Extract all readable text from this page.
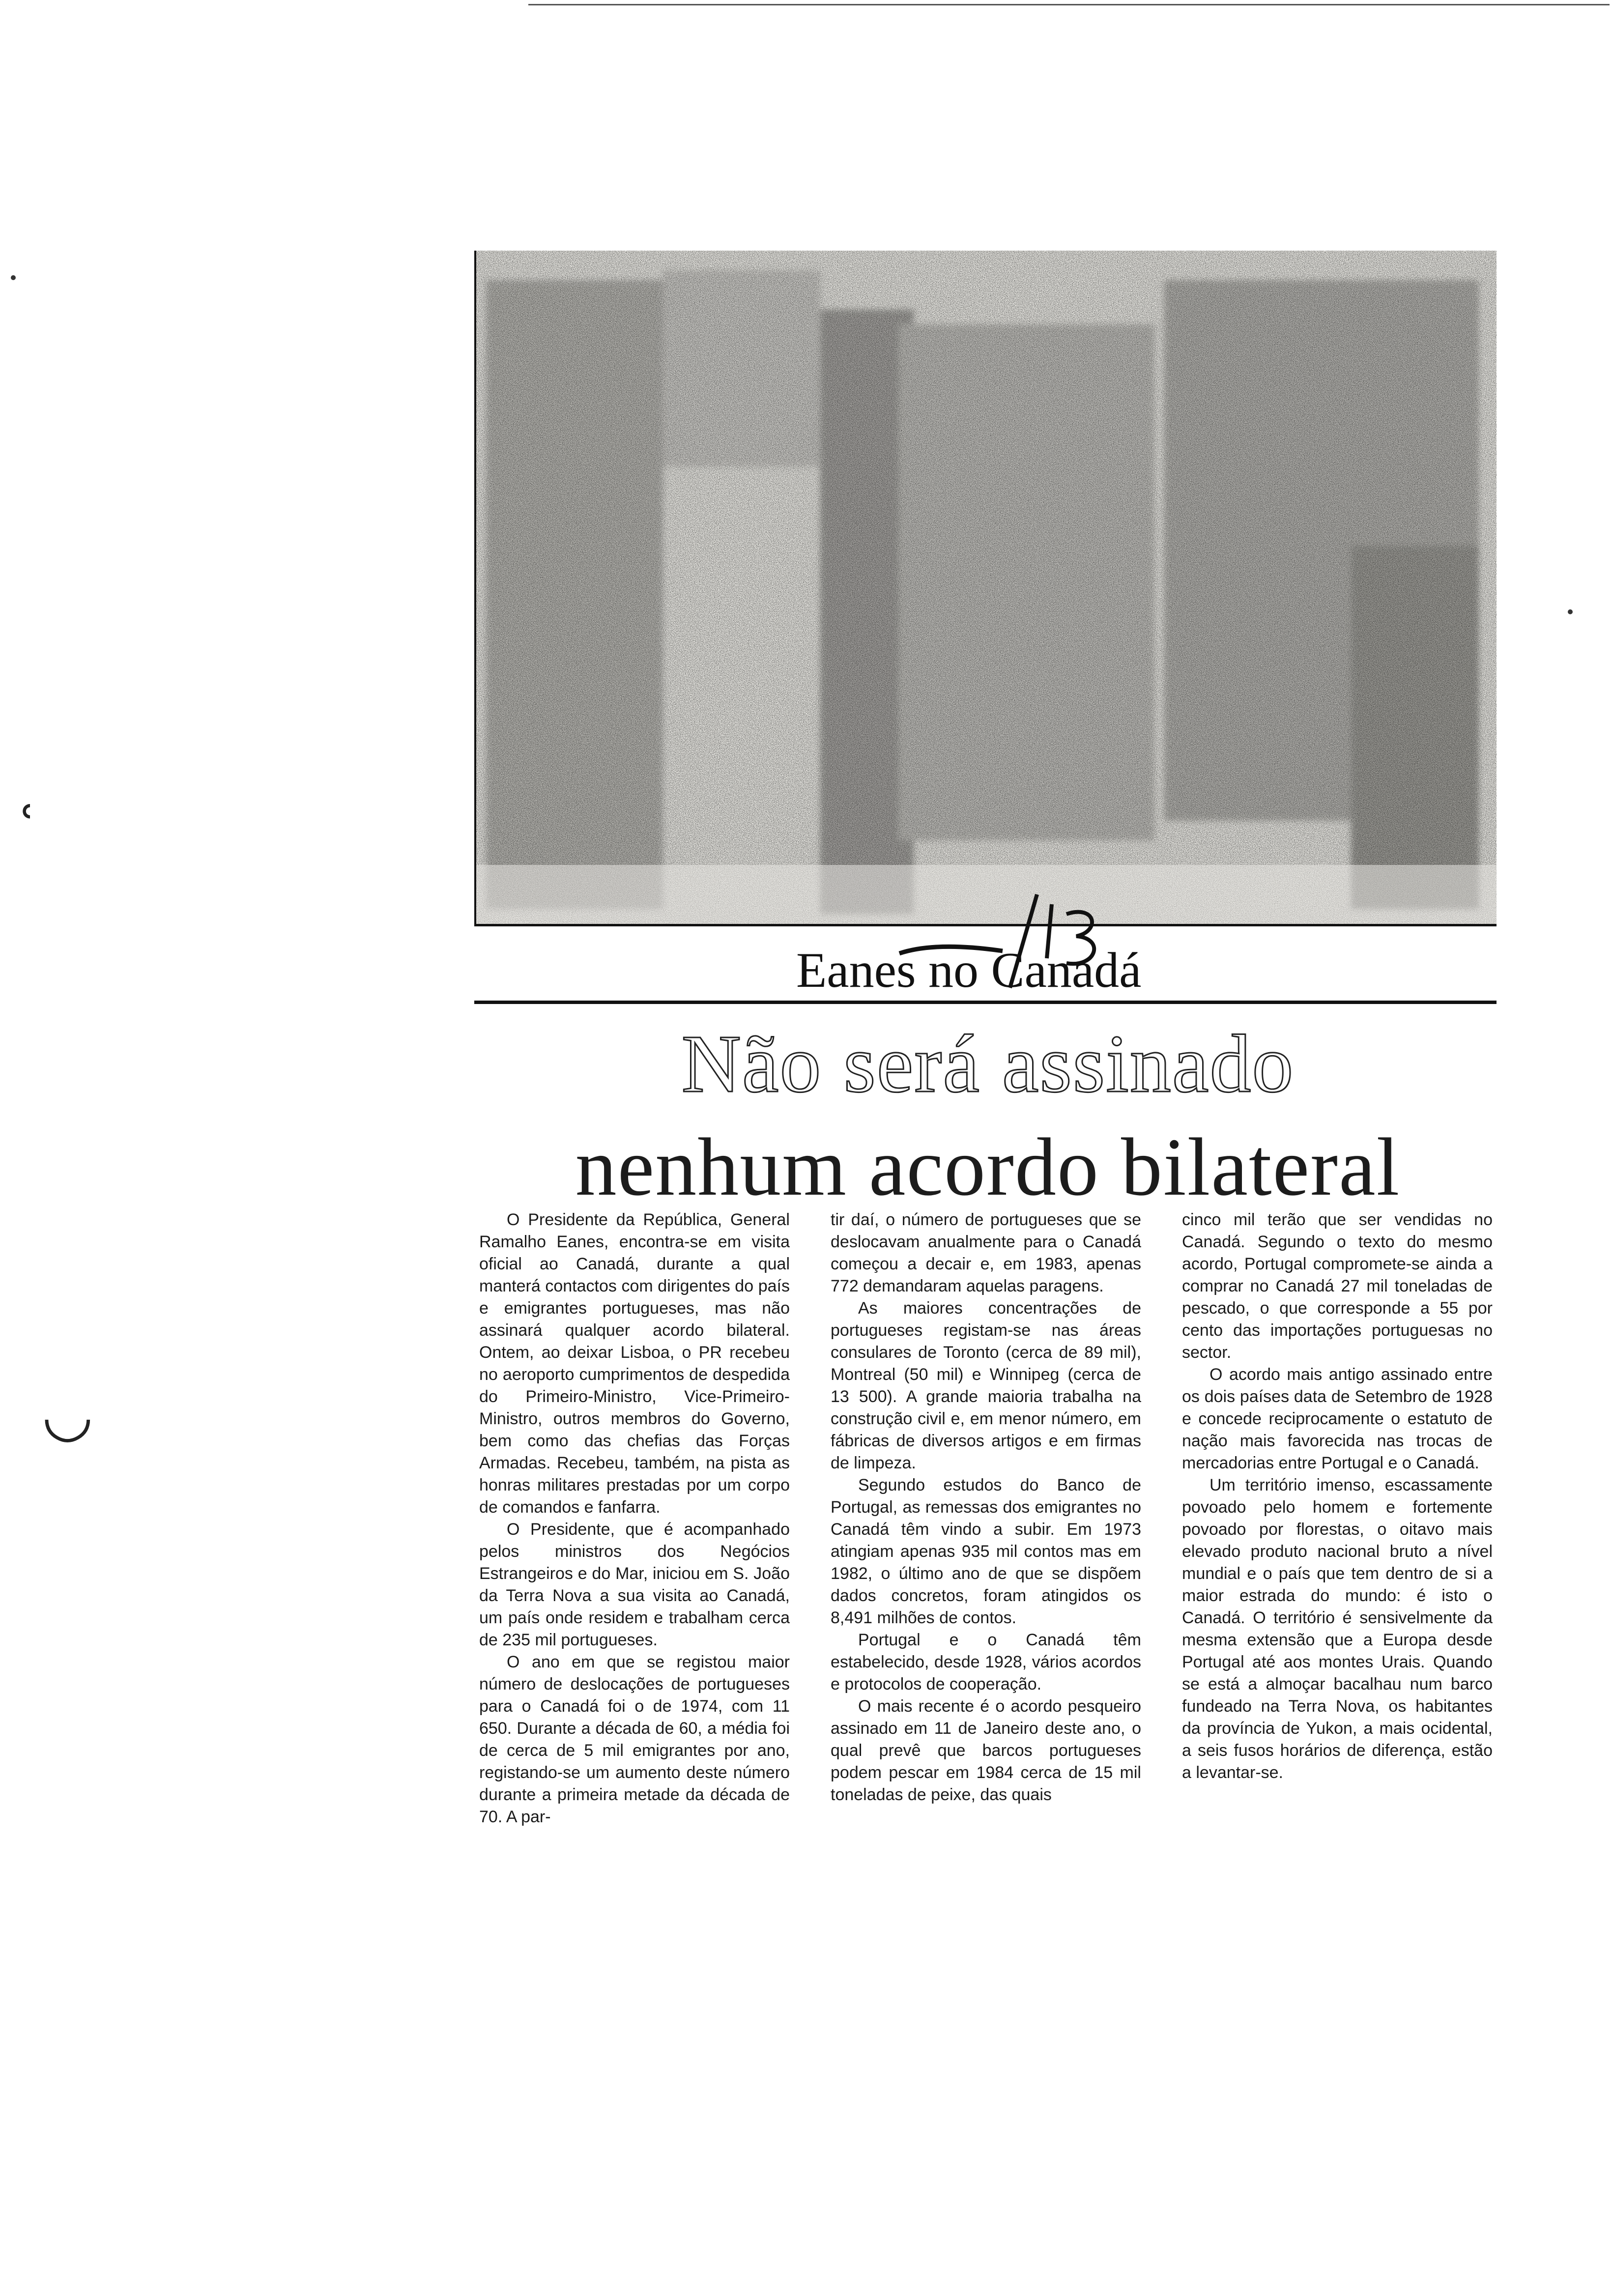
˓
◡
Eanes no Canadá
Não será assinado
nenhum acordo bilateral

O Presidente da República, General Ramalho Eanes, encontra-se em visita oficial ao Canadá, durante a qual manterá contactos com dirigentes do país e emigrantes portugueses, mas não assinará qualquer acordo bilateral. Ontem, ao deixar Lisboa, o PR recebeu no aeroporto cumprimentos de despedida do Primeiro-Ministro, Vice-Primeiro-Ministro, outros membros do Governo, bem como das chefias das Forças Armadas. Recebeu, também, na pista as honras militares prestadas por um corpo de comandos e fanfarra.

O Presidente, que é acompanhado pelos ministros dos Negócios Estrangeiros e do Mar, iniciou em S. João da Terra Nova a sua visita ao Canadá, um país onde residem e trabalham cerca de 235 mil portugueses.

O ano em que se registou maior número de deslocações de portugueses para o Canadá foi o de 1974, com 11 650. Durante a década de 60, a média foi de cerca de 5 mil emigrantes por ano, registando-se um aumento deste número durante a primeira metade da década de 70. A par-

tir daí, o número de portugueses que se deslocavam anualmente para o Canadá começou a decair e, em 1983, apenas 772 demandaram aquelas paragens.

As maiores concentrações de portugueses registam-se nas áreas consulares de Toronto (cerca de 89 mil), Montreal (50 mil) e Winnipeg (cerca de 13 500). A grande maioria trabalha na construção civil e, em menor número, em fábricas de diversos artigos e em firmas de limpeza.

Segundo estudos do Banco de Portugal, as remessas dos emigrantes no Canadá têm vindo a subir. Em 1973 atingiam apenas 935 mil contos mas em 1982, o último ano de que se dispõem dados concretos, foram atingidos os 8,491 milhões de contos.

Portugal e o Canadá têm estabelecido, desde 1928, vários acordos e protocolos de cooperação.

O mais recente é o acordo pesqueiro assinado em 11 de Janeiro deste ano, o qual prevê que barcos portugueses podem pescar em 1984 cerca de 15 mil toneladas de peixe, das quais

cinco mil terão que ser vendidas no Canadá. Segundo o texto do mesmo acordo, Portugal compromete-se ainda a comprar no Canadá 27 mil toneladas de pescado, o que corresponde a 55 por cento das importações portuguesas no sector.

O acordo mais antigo assinado entre os dois países data de Setembro de 1928 e concede reciprocamente o estatuto de nação mais favorecida nas trocas de mercadorias entre Portugal e o Canadá.

Um território imenso, escassamente povoado pelo homem e fortemente povoado por florestas, o oitavo mais elevado produto nacional bruto a nível mundial e o país que tem dentro de si a maior estrada do mundo: é isto o Canadá. O território é sensivelmente da mesma extensão que a Europa desde Portugal até aos montes Urais. Quando se está a almoçar bacalhau num barco fundeado na Terra Nova, os habitantes da província de Yukon, a mais ocidental, a seis fusos horários de diferença, estão a levantar-se.
